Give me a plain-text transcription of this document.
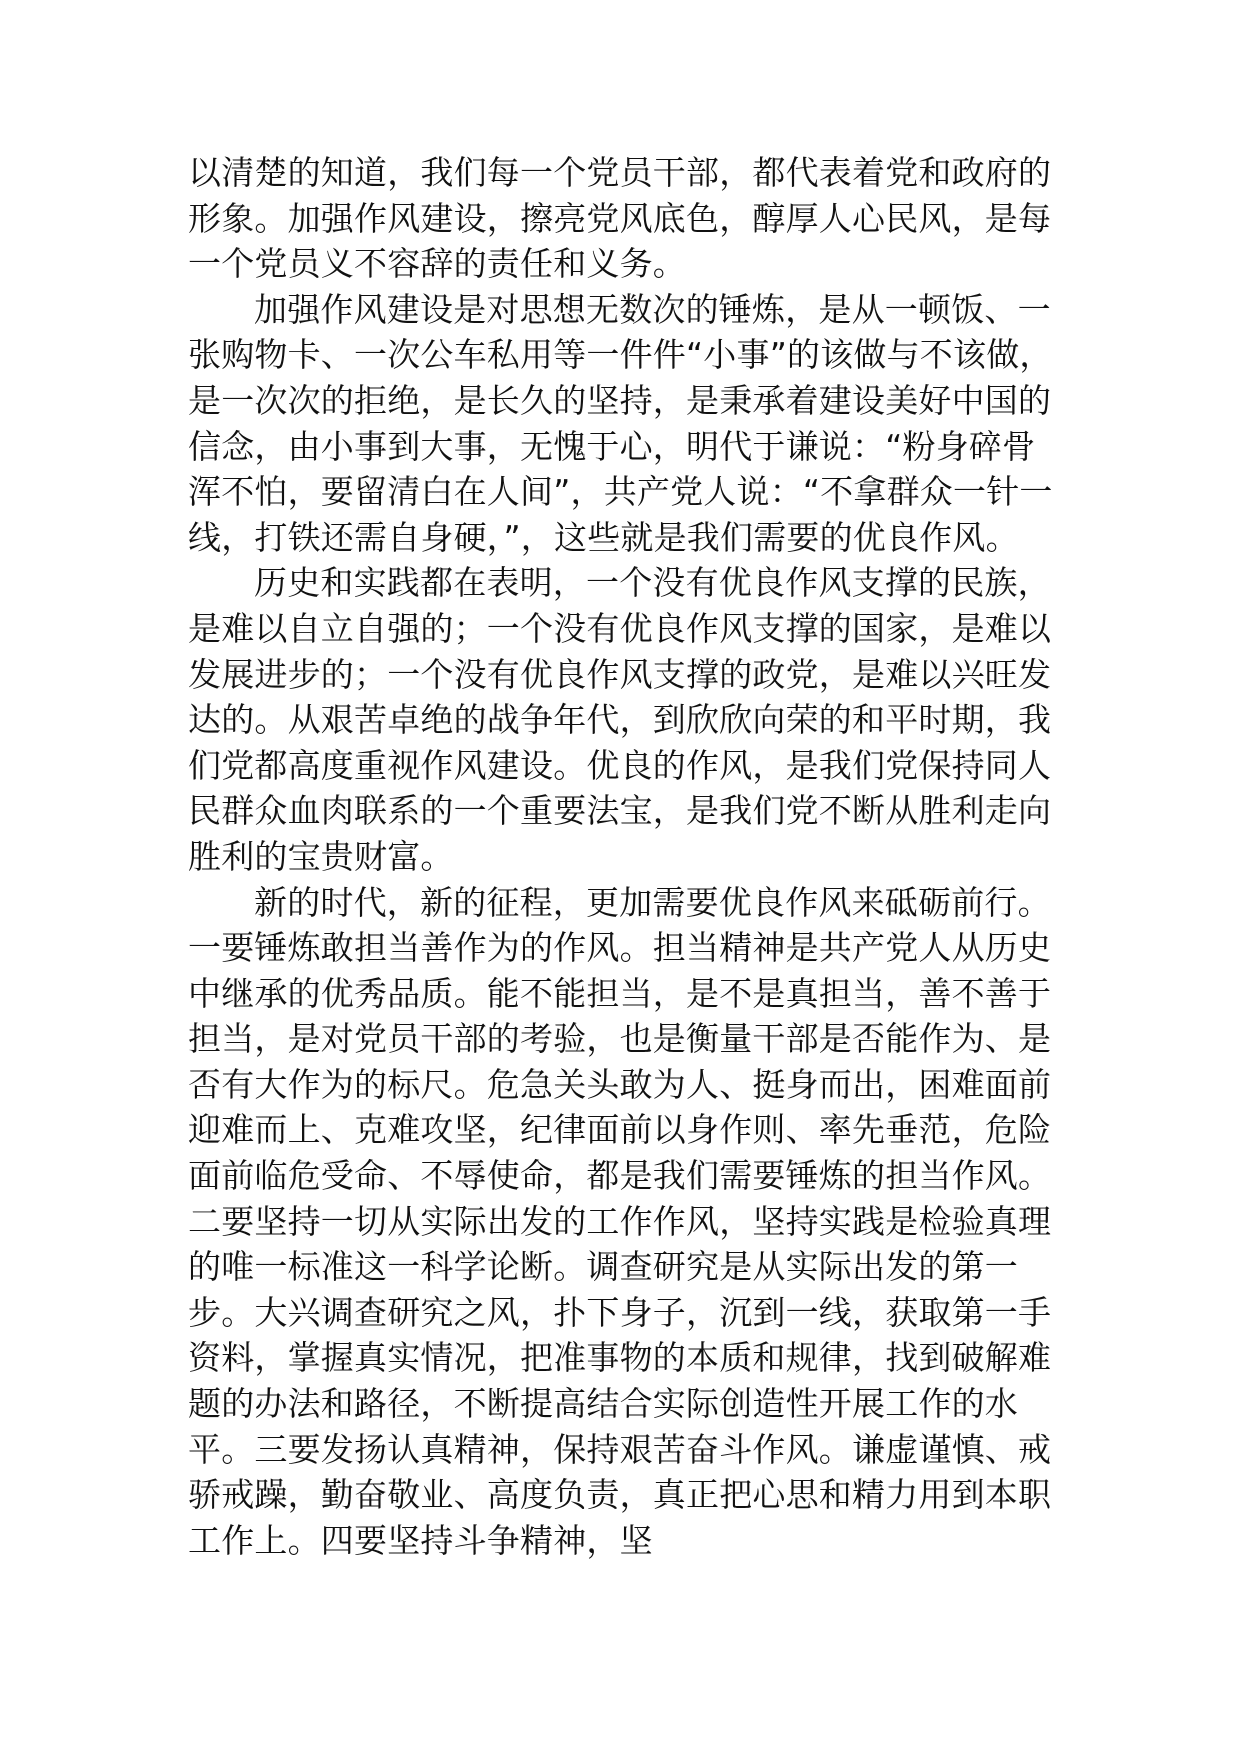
以清楚的知道，我们每一个党员干部，都代表着党和政府的形象。加强作风建设，擦亮党风底色，醇厚人心民风，是每一个党员义不容辞的责任和义务。

加强作风建设是对思想无数次的锤炼，是从一顿饭、一张购物卡、一次公车私用等一件件“小事”的该做与不该做，是一次次的拒绝，是长久的坚持，是秉承着建设美好中国的信念，由小事到大事，无愧于心，明代于谦说：“粉身碎骨浑不怕，要留清白在人间”，共产党人说：“不拿群众一针一线，打铁还需自身硬，”，这些就是我们需要的优良作风。

历史和实践都在表明，一个没有优良作风支撑的民族，是难以自立自强的；一个没有优良作风支撑的国家，是难以发展进步的；一个没有优良作风支撑的政党，是难以兴旺发达的。从艰苦卓绝的战争年代，到欣欣向荣的和平时期，我们党都高度重视作风建设。优良的作风，是我们党保持同人民群众血肉联系的一个重要法宝，是我们党不断从胜利走向胜利的宝贵财富。

新的时代，新的征程，更加需要优良作风来砥砺前行。一要锤炼敢担当善作为的作风。担当精神是共产党人从历史中继承的优秀品质。能不能担当，是不是真担当，善不善于担当，是对党员干部的考验，也是衡量干部是否能作为、是否有大作为的标尺。危急关头敢为人、挺身而出，困难面前迎难而上、克难攻坚，纪律面前以身作则、率先垂范，危险面前临危受命、不辱使命，都是我们需要锤炼的担当作风。二要坚持一切从实际出发的工作作风，坚持实践是检验真理的唯一标准这一科学论断。调查研究是从实际出发的第一步。大兴调查研究之风，扑下身子，沉到一线，获取第一手资料，掌握真实情况，把准事物的本质和规律，找到破解难题的办法和路径，不断提高结合实际创造性开展工作的水平。三要发扬认真精神，保持艰苦奋斗作风。谦虚谨慎、戒骄戒躁，勤奋敬业、高度负责，真正把心思和精力用到本职工作上。四要坚持斗争精神，坚
